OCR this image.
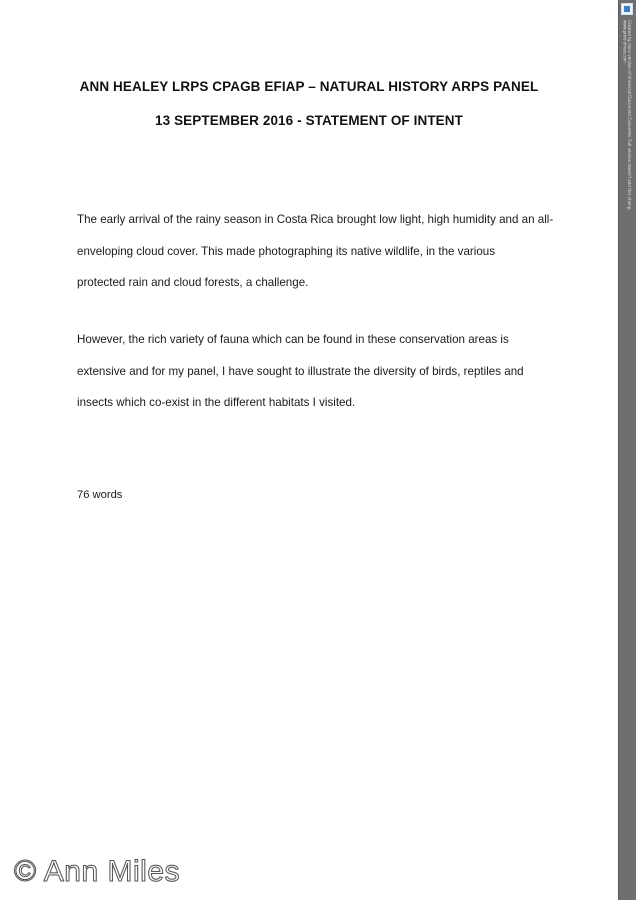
ANN HEALEY LRPS CPAGB EFIAP – NATURAL HISTORY ARPS PANEL
13 SEPTEMBER 2016 - STATEMENT OF INTENT

The early arrival of the rainy season in Costa Rica brought low light, high humidity and an all-
enveloping cloud cover. This made photographing its native wildlife, in the various
protected rain and cloud forests, a challenge.

However, the rich variety of fauna which can be found in these conservation areas is
extensive and for my panel, I have sought to illustrate the diversity of birds, reptiles and
insects which co-exist in the different habitats I visited.

76 words
© Ann Miles
Created by docu version of Universal Document Converter. Full version doesn't add this stamp.
www.print-driver.com
